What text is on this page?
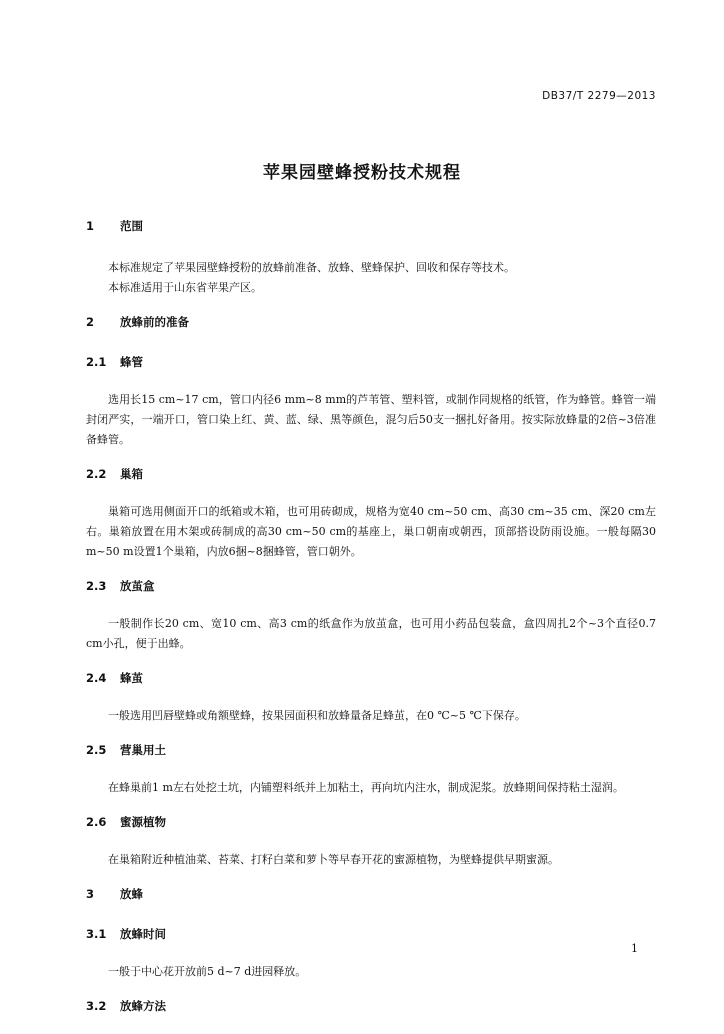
DB37/T 2279—2013
苹果园壁蜂授粉技术规程
1 范围

本标准规定了苹果园壁蜂授粉的放蜂前准备、放蜂、壁蜂保护、回收和保存等技术。

本标准适用于山东省苹果产区。

2 放蜂前的准备
2.1 蜂管

选用长15 cm~17 cm，管口内径6 mm~8 mm的芦苇管、塑料管，或制作同规格的纸管，作为蜂管。蜂管一端封闭严实，一端开口，管口染上红、黄、蓝、绿、黑等颜色，混匀后50支一捆扎好备用。按实际放蜂量的2倍~3倍准备蜂管。

2.2 巢箱

巢箱可选用侧面开口的纸箱或木箱，也可用砖砌成，规格为宽40 cm~50 cm、高30 cm~35 cm、深20 cm左右。巢箱放置在用木架或砖制成的高30 cm~50 cm的基座上，巢口朝南或朝西，顶部搭设防雨设施。一般每隔30 m~50 m设置1个巢箱，内放6捆~8捆蜂管，管口朝外。

2.3 放茧盒

一般制作长20 cm、宽10 cm、高3 cm的纸盒作为放茧盒，也可用小药品包装盒，盒四周扎2个~3个直径0.7 cm小孔，便于出蜂。

2.4 蜂茧

一般选用凹唇壁蜂或角额壁蜂，按果园面积和放蜂量备足蜂茧，在0 ℃~5 ℃下保存。

2.5 营巢用土

在蜂巢前1 m左右处挖土坑，内铺塑料纸并上加粘土，再向坑内注水，制成泥浆。放蜂期间保持粘土湿润。

2.6 蜜源植物

在巢箱附近种植油菜、苔菜、打籽白菜和萝卜等早春开花的蜜源植物，为壁蜂提供早期蜜源。

3 放蜂
3.1 放蜂时间

一般于中心花开放前5 d~7 d进园释放。

3.2 放蜂方法
1
